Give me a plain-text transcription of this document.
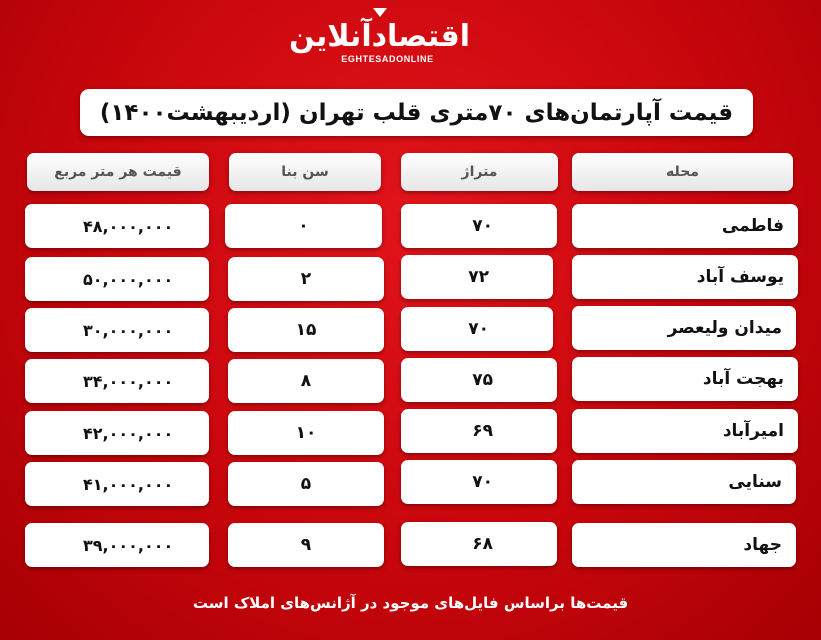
اقتصادآنلاین
EGHTESADONLINE
قیمت آپارتمان‌های ۷۰متری قلب تهران (اردیبهشت۱۴۰۰)
محله
متراژ
سن بنا
قیمت هر متر مربع
فاطمی
۷۰
۰
۴۸,۰۰۰,۰۰۰
یوسف آباد
۷۲
۲
۵۰,۰۰۰,۰۰۰
میدان ولیعصر
۷۰
۱۵
۳۰,۰۰۰,۰۰۰
بهجت آباد
۷۵
۸
۳۴,۰۰۰,۰۰۰
امیرآباد
۶۹
۱۰
۴۲,۰۰۰,۰۰۰
سنایی
۷۰
۵
۴۱,۰۰۰,۰۰۰
جهاد
۶۸
۹
۳۹,۰۰۰,۰۰۰
قیمت‌ها براساس فایل‌های موجود در آژانس‌های املاک است
